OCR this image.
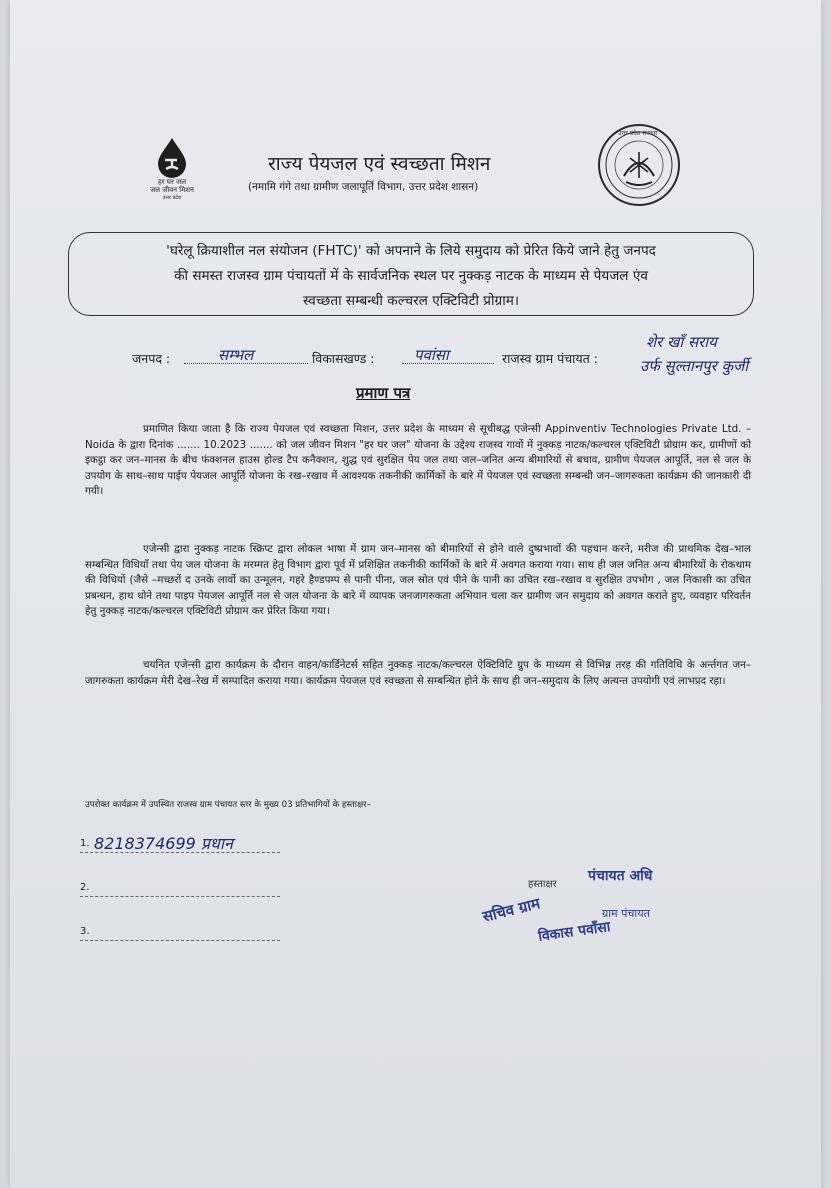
हर घर जल
जल जीवन मिशन
उत्तर प्रदेश
उत्तर प्रदेश सरकार
राज्य पेयजल एवं स्वच्छता मिशन
(नमामि गंगे तथा ग्रामीण जलापूर्ति विभाग, उत्तर प्रदेश शासन)
'घरेलू क्रियाशील नल संयोजन (FHTC)' को अपनाने के लिये समुदाय को प्रेरित किये जाने हेतु जनपद
की समस्त राजस्व ग्राम पंचायतों में के सार्वजनिक स्थल पर नुक्कड़ नाटक के माध्यम से पेयजल एंव
स्वच्छता सम्बन्धी कल्चरल एक्टिविटी प्रोग्राम।
जनपद :	सम्भल	विकासखण्ड :	पवांसा	राजस्व ग्राम पंचायत :
शेर खाँ सराय
उर्फ सुल्तानपुर कुर्जी
प्रमाण पत्र
प्रमाणित किया जाता है कि राज्य पेयजल एवं स्वच्छता मिशन, उत्तर प्रदेश के माध्यम से सूचीबद्ध एजेन्सी Appinventiv Technologies Private Ltd. – Noida के द्वारा दिनांक ....... 10.2023 ....... को जल जीवन मिशन "हर घर जल" योजना के उद्देश्य राजस्व गावों में नुक्कड़ नाटक/कल्चरल एक्टिविटी प्रोग्राम कर, ग्रामीणों को इकट्ठा कर जन–मानस के बीच फंक्शनल हाउस होल्ड टैप कनैक्शन, शुद्ध एवं सुरक्षित पेय जल तथा जल–जनित अन्य बीमारियों से बचाव, ग्रामीण पेयजल आपूर्ति, नल से जल के उपयोग के साथ–साथ पाईप पेयजल आपूर्ति योजना के रख–रखाव में आवश्यक तकनीकी कार्मिकों के बारे में पेयजल एवं स्वच्छता सम्बन्धी जन–जागरुकता कार्यक्रम की जानकारी दी गयी।
एजेन्सी द्वारा नुक्कड़ नाटक स्क्रिप्ट द्वारा लोकल भाषा में ग्राम जन–मानस को बीमारियों से होने वाले दुष्प्रभावों की पहचान करने, मरीज की प्राथमिक देख–भाल सम्बन्धित विधियाँ तथा पेय जल योजना के मरम्मत हेतु विभाग द्वारा पूर्व में प्रशिक्षित तकनीकी कार्मिकों के बारे में अवगत कराया गया। साथ ही जल जनित अन्य बीमारियों के रोकथाम की विधियों (जैसे –मच्छरों द उनके लार्वो का उन्मूलन, गहरे हैण्डपम्प से पानी पीना, जल स्रोत एवं पीने के पानी का उचित रख–रखाव व सुरक्षित उपभोग , जल निकासी का उचित प्रबन्धन, हाथ धोने तथा पाइप पेयजल आपूर्ति नल से जल योजना के बारे में व्यापक जनजागरुकता अभियान चला कर ग्रामीण जन समुदाय को अवगत कराते हुए, व्यवहार परिवर्तन हेतु नुक्कड़ नाटक/कल्चरल एक्टिविटी प्रोग्राम कर प्रेरित किया गया।
चयनित एजेन्सी द्वारा कार्यक्रम के दौरान वाहन/कार्डिनेटर्स सहित नुक्कड़ नाटक/कल्चरल ऐक्टिविटि ग्रुप के माध्यम से विभिन्न तरह की गतिविधि के अर्न्तगत जन–जागरुकता कार्यक्रम मेरी देख–रेख में सम्पादित कराया गया। कार्यक्रम पेयजल एवं स्वच्छता से सम्बन्धित होने के साथ ही जन–समुदाय के लिए अत्यन्त उपयोगी एवं लाभप्रद रहा।
उपरोक्त कार्यक्रम में उपस्थित राजस्व ग्राम पंचायत स्तर के मुख्य 03 प्रतिभागियों के हस्ताक्षर–
1. 8218374699 प्रधान
2.
3.
हस्ताक्षर
पंचायत अधि
सचिव ग्राम	ग्राम पंचायत
विकास पवाँसा
